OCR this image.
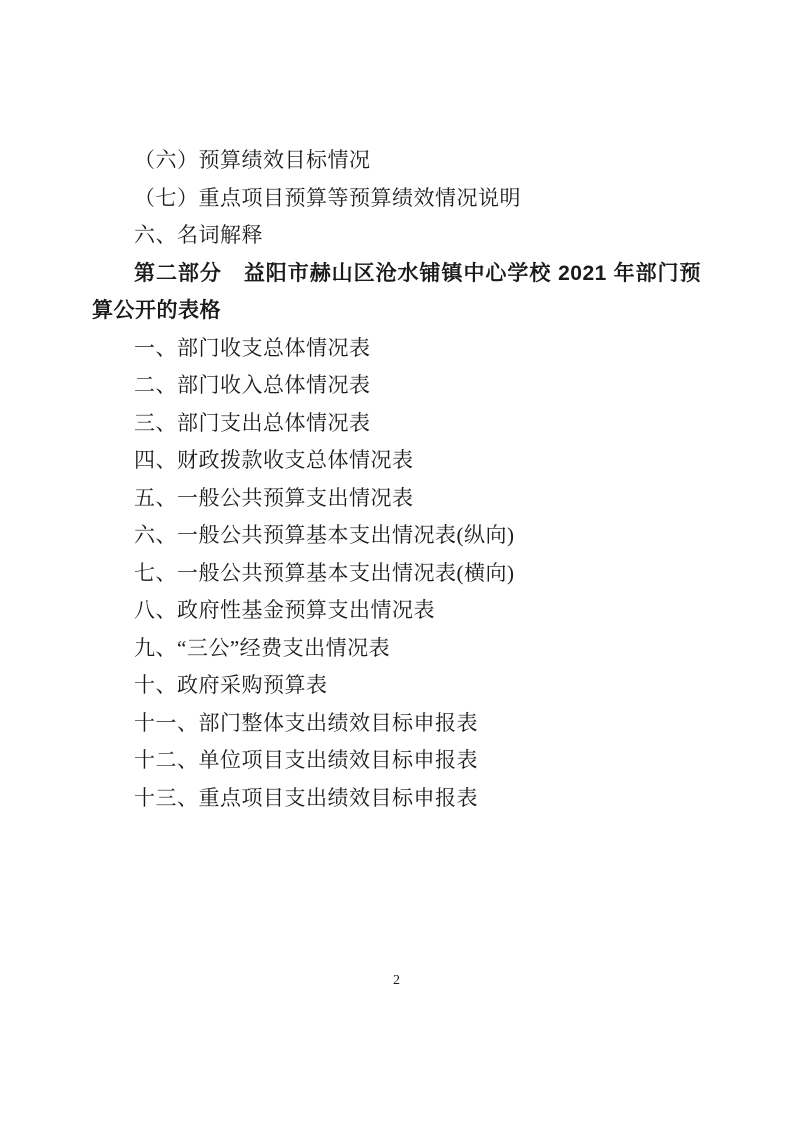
（六）预算绩效目标情况

（七）重点项目预算等预算绩效情况说明

六、名词解释

第二部分　益阳市赫山区沧水铺镇中心学校 2021 年部门预算公开的表格

一、部门收支总体情况表

二、部门收入总体情况表

三、部门支出总体情况表

四、财政拨款收支总体情况表

五、一般公共预算支出情况表

六、一般公共预算基本支出情况表(纵向)

七、一般公共预算基本支出情况表(横向)

八、政府性基金预算支出情况表

九、“三公”经费支出情况表

十、政府采购预算表

十一、部门整体支出绩效目标申报表

十二、单位项目支出绩效目标申报表

十三、重点项目支出绩效目标申报表

2
